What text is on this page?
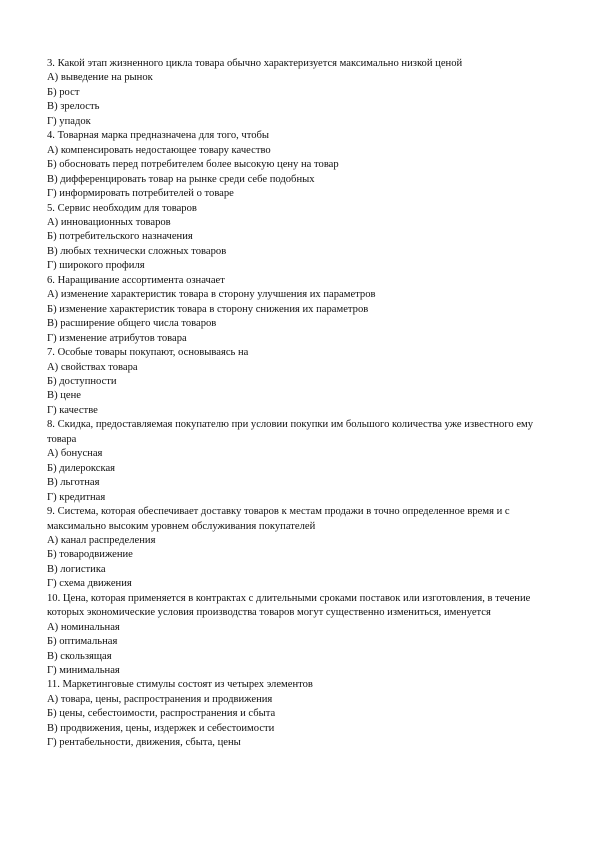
3. Какой этап жизненного цикла товара обычно характеризуется максимально низкой ценой
А) выведение на рынок
Б) рост
В) зрелость
Г) упадок
4. Товарная марка предназначена для того, чтобы
А) компенсировать недостающее товару качество
Б) обосновать перед потребителем более высокую цену на товар
В) дифференцировать товар на рынке среди себе подобных
Г) информировать потребителей о товаре
5. Сервис необходим для товаров
А) инновационных товаров
Б) потребительского назначения
В) любых технически сложных товаров
Г) широкого профиля
6. Наращивание ассортимента означает
А) изменение характеристик товара в сторону улучшения их параметров
Б) изменение характеристик товара в сторону снижения их параметров
В) расширение общего числа товаров
Г) изменение атрибутов товара
7. Особые товары покупают, основываясь на
А) свойствах товара
Б) доступности
В) цене
Г) качестве
8. Скидка, предоставляемая покупателю при условии покупки им большого количества уже известного ему товара
А) бонусная
Б) дилерокская
В) льготная
Г) кредитная
9. Система, которая обеспечивает доставку товаров к местам продажи в точно определенное время и с максимально высоким уровнем обслуживания покупателей
А) канал распределения
Б) товародвижение
В) логистика
Г) схема движения
10. Цена, которая применяется в контрактах с длительными сроками поставок или изготовления, в течение которых экономические условия производства товаров могут существенно измениться, именуется
А) номинальная
Б) оптимальная
В) скользящая
Г) минимальная
11. Маркетинговые стимулы состоят из четырех элементов
А) товара, цены, распространения и продвижения
Б) цены, себестоимости, распространения и сбыта
В) продвижения, цены, издержек и себестоимости
Г) рентабельности, движения, сбыта, цены
